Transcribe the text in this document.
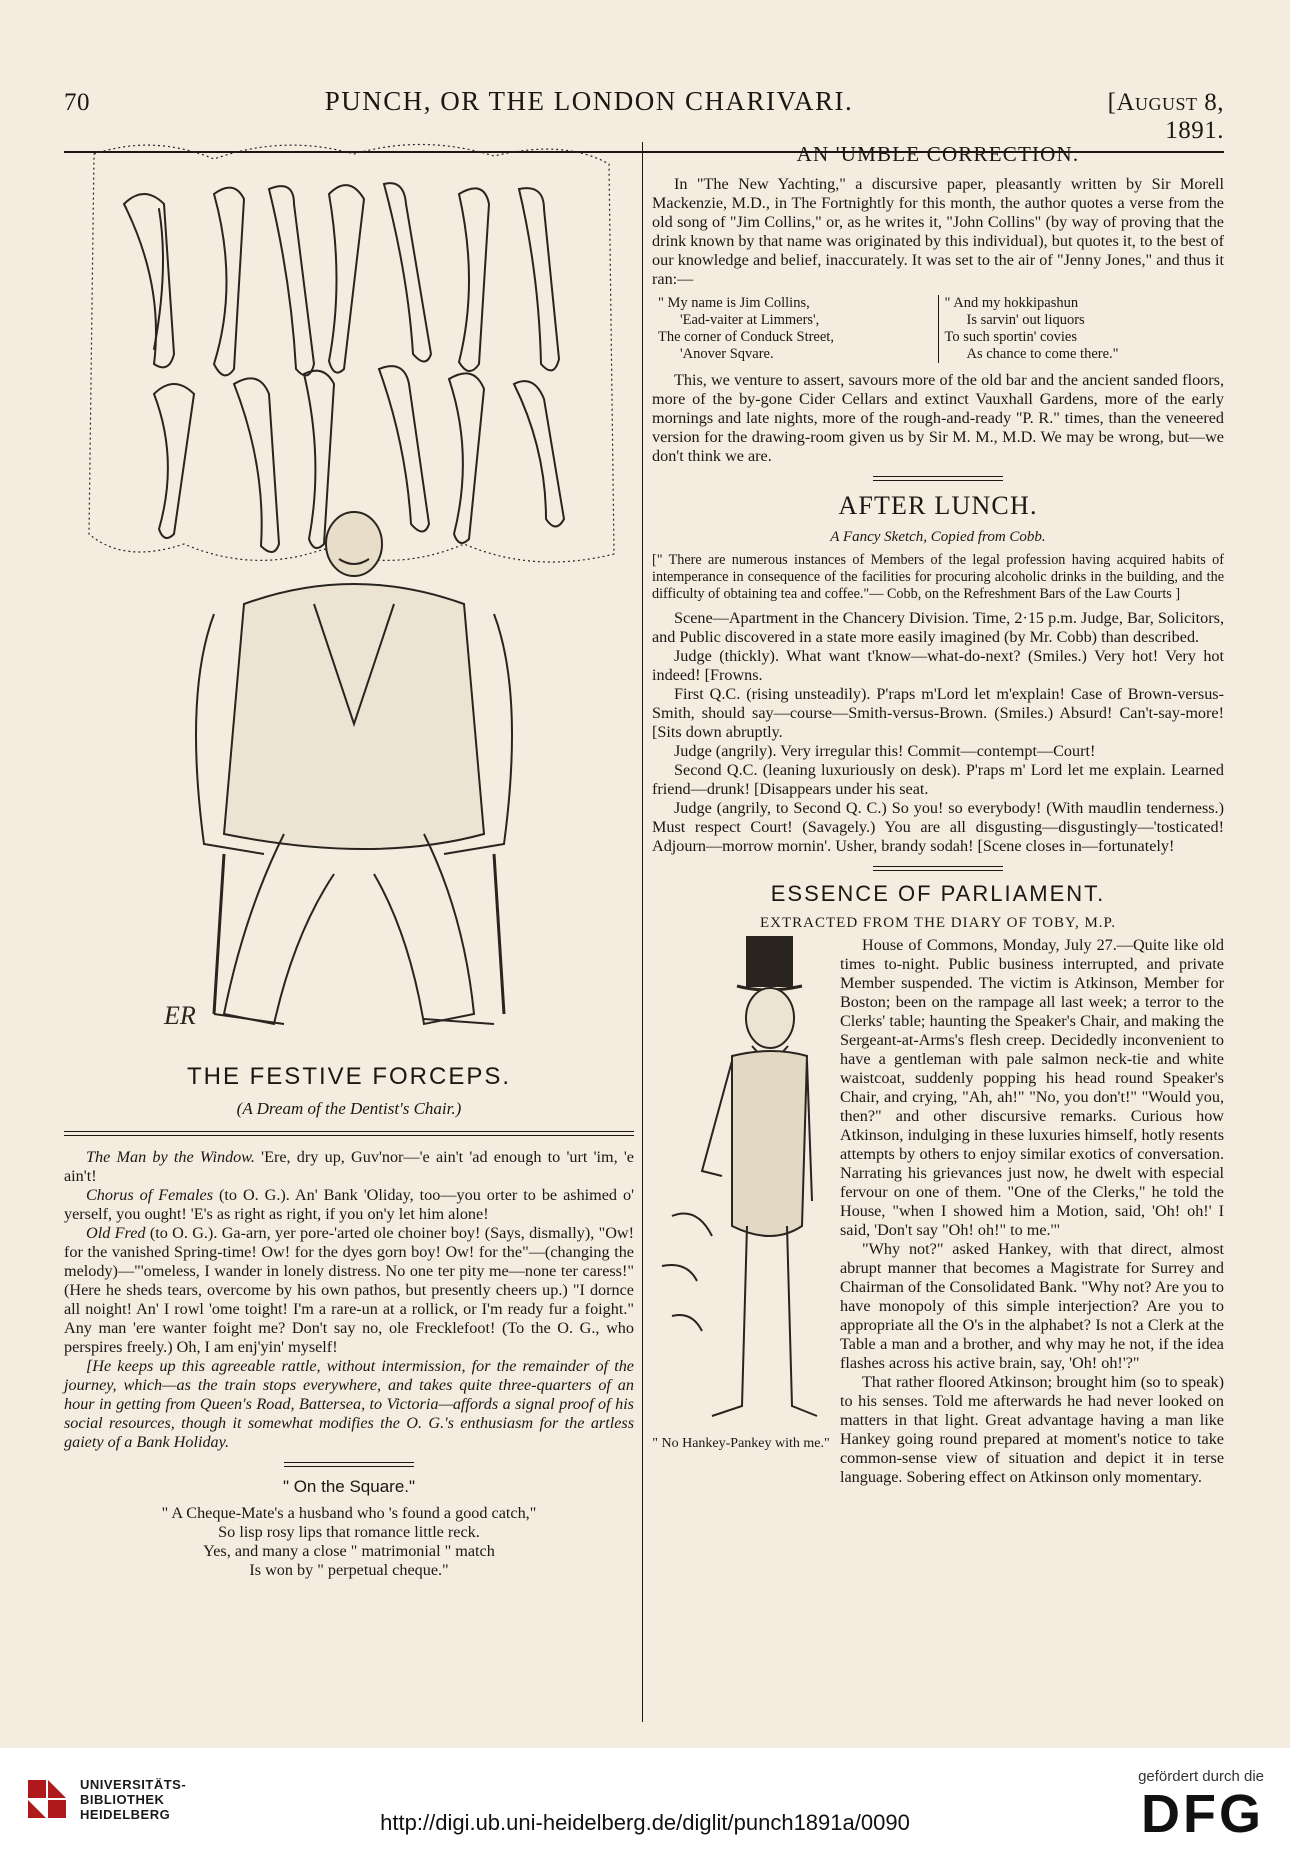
70	PUNCH, OR THE LONDON CHARIVARI.	[August 8, 1891.
ER
THE FESTIVE FORCEPS.
(A Dream of the Dentist's Chair.)

The Man by the Window. 'Ere, dry up, Guv'nor—'e ain't 'ad enough to 'urt 'im, 'e ain't!

Chorus of Females (to O. G.). An' Bank 'Oliday, too—you orter to be ashimed o' yerself, you ought! 'E's as right as right, if you on'y let him alone!

Old Fred (to O. G.). Ga-arn, yer pore-'arted ole choiner boy! (Says, dismally), "Ow! for the vanished Spring-time! Ow! for the dyes gorn boy! Ow! for the"—(changing the melody)—"'omeless, I wander in lonely distress. No one ter pity me—none ter caress!" (Here he sheds tears, overcome by his own pathos, but presently cheers up.) "I dornce all noight! An' I rowl 'ome toight! I'm a rare-un at a rollick, or I'm ready fur a foight." Any man 'ere wanter foight me? Don't say no, ole Frecklefoot! (To the O. G., who perspires freely.) Oh, I am enj'yin' myself!

[He keeps up this agreeable rattle, without intermission, for the remainder of the journey, which—as the train stops everywhere, and takes quite three-quarters of an hour in getting from Queen's Road, Battersea, to Victoria—affords a signal proof of his social resources, though it somewhat modifies the O. G.'s enthusiasm for the artless gaiety of a Bank Holiday.

" On the Square."
" A Cheque-Mate's a husband who 's found a good catch,"
So lisp rosy lips that romance little reck.
Yes, and many a close " matrimonial " match
Is won by " perpetual cheque."
AN 'UMBLE CORRECTION.

In "The New Yachting," a discursive paper, pleasantly written by Sir Morell Mackenzie, M.D., in The Fortnightly for this month, the author quotes a verse from the old song of "Jim Collins," or, as he writes it, "John Collins" (by way of proving that the drink known by that name was originated by this individual), but quotes it, to the best of our knowledge and belief, inaccurately. It was set to the air of "Jenny Jones," and thus it ran:—

" My name is Jim Collins,
'Ead-vaiter at Limmers',
The corner of Conduck Street,
'Anover Sqvare.
" And my hokkipashun
Is sarvin' out liquors
To such sportin' covies
As chance to come there."

This, we venture to assert, savours more of the old bar and the ancient sanded floors, more of the by-gone Cider Cellars and extinct Vauxhall Gardens, more of the early mornings and late nights, more of the rough-and-ready "P. R." times, than the veneered version for the drawing-room given us by Sir M. M., M.D. We may be wrong, but—we don't think we are.

AFTER LUNCH.
A Fancy Sketch, Copied from Cobb.

[" There are numerous instances of Members of the legal profession having acquired habits of intemperance in consequence of the facilities for procuring alcoholic drinks in the building, and the difficulty of obtaining tea and coffee."— Cobb, on the Refreshment Bars of the Law Courts ]

Scene—Apartment in the Chancery Division. Time, 2·15 p.m. Judge, Bar, Solicitors, and Public discovered in a state more easily imagined (by Mr. Cobb) than described.

Judge (thickly). What want t'know—what-do-next? (Smiles.) Very hot! Very hot indeed! [Frowns.

First Q.C. (rising unsteadily). P'raps m'Lord let m'explain! Case of Brown-versus-Smith, should say—course—Smith-versus-Brown. (Smiles.) Absurd! Can't-say-more! [Sits down abruptly.

Judge (angrily). Very irregular this! Commit—contempt—Court!

Second Q.C. (leaning luxuriously on desk). P'raps m' Lord let me explain. Learned friend—drunk! [Disappears under his seat.

Judge (angrily, to Second Q. C.) So you! so everybody! (With maudlin tenderness.) Must respect Court! (Savagely.) You are all disgusting—disgustingly—'tosticated! Adjourn—morrow mornin'. Usher, brandy sodah! [Scene closes in—fortunately!

ESSENCE OF PARLIAMENT.
EXTRACTED FROM THE DIARY OF TOBY, M.P.
" No Hankey-Pankey with me."

House of Commons, Monday, July 27.—Quite like old times to-night. Public business interrupted, and private Member suspended. The victim is Atkinson, Member for Boston; been on the rampage all last week; a terror to the Clerks' table; haunting the Speaker's Chair, and making the Sergeant-at-Arms's flesh creep. Decidedly inconvenient to have a gentleman with pale salmon neck-tie and white waistcoat, suddenly popping his head round Speaker's Chair, and crying, "Ah, ah!" "No, you don't!" "Would you, then?" and other discursive remarks. Curious how Atkinson, indulging in these luxuries himself, hotly resents attempts by others to enjoy similar exotics of conversation. Narrating his grievances just now, he dwelt with especial fervour on one of them. "One of the Clerks," he told the House, "when I showed him a Motion, said, 'Oh! oh!' I said, 'Don't say "Oh! oh!" to me.'"

"Why not?" asked Hankey, with that direct, almost abrupt manner that becomes a Magistrate for Surrey and Chairman of the Consolidated Bank. "Why not? Are you to have monopoly of this simple interjection? Are you to appropriate all the O's in the alphabet? Is not a Clerk at the Table a man and a brother, and why may he not, if the idea flashes across his active brain, say, 'Oh! oh!'?"

That rather floored Atkinson; brought him (so to speak) to his senses. Told me afterwards he had never looked on matters in that light. Great advantage having a man like Hankey going round prepared at moment's notice to take common-sense view of situation and depict it in terse language. Sobering effect on Atkinson only momentary.

UNIVERSITÄTS-
BIBLIOTHEK
HEIDELBERG	http://digi.ub.uni-heidelberg.de/diglit/punch1891a/0090
gefördert durch die
DFG
